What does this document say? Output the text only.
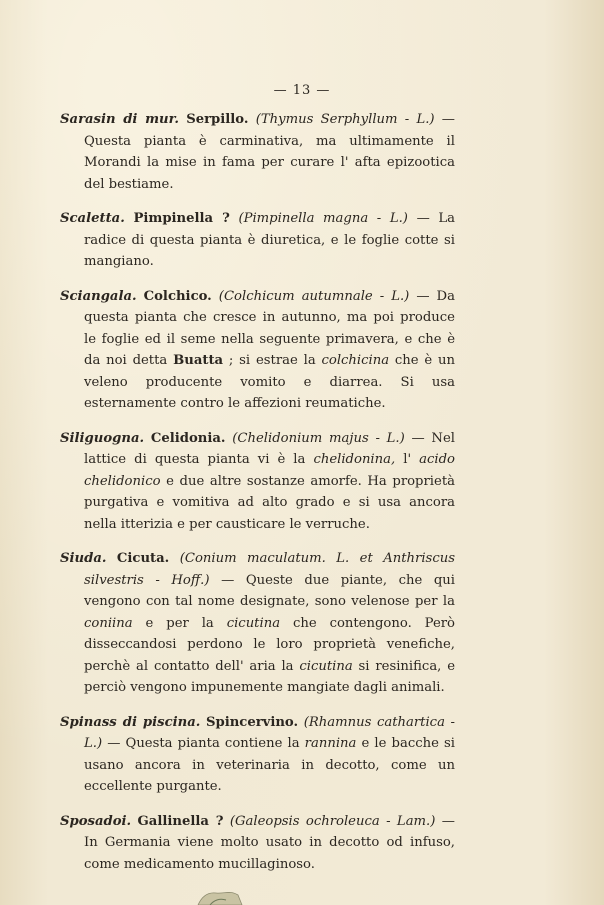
— 13 —

Sarasin di mur. Serpillo. (Thymus Serphyllum - L.) — Questa pianta è carminativa, ma ultimamente il Morandi la mise in fama per curare l' afta epizootica del bestiame.

Scaletta. Pimpinella ? (Pimpinella magna - L.) — La radice di questa pianta è diuretica, e le foglie cotte si mangiano.

Sciangala. Colchico. (Colchicum autumnale - L.) — Da questa pianta che cresce in autunno, ma poi produce le foglie ed il seme nella seguente primavera, e che è da noi detta Buatta ; si estrae la colchicina che è un veleno producente vomito e diarrea. Si usa esternamente contro le affezioni reumatiche.

Siliguogna. Celidonia. (Chelidonium majus - L.) — Nel lattice di questa pianta vi è la chelidonina, l' acido chelidonico e due altre sostanze amorfe. Ha proprietà purgativa e vomitiva ad alto grado e si usa ancora nella itterizia e per causticare le verruche.

Siuda. Cicuta. (Conium maculatum. L. et Anthriscus silvestris - Hoff.) — Queste due piante, che qui vengono con tal nome designate, sono velenose per la coniina e per la cicutina che contengono. Però disseccandosi perdono le loro proprietà venefiche, perchè al contatto dell' aria la cicutina si resinifica, e perciò vengono impunemente mangiate dagli animali.

Spinass di piscina. Spincervino. (Rhamnus cathartica - L.) — Questa pianta contiene la rannina e le bacche si usano ancora in veterinaria in decotto, come un eccellente purgante.

Sposadoi. Gallinella ? (Galeopsis ochroleuca - Lam.) — In Germania viene molto usato in decotto od infuso, come medicamento mucillaginoso.
